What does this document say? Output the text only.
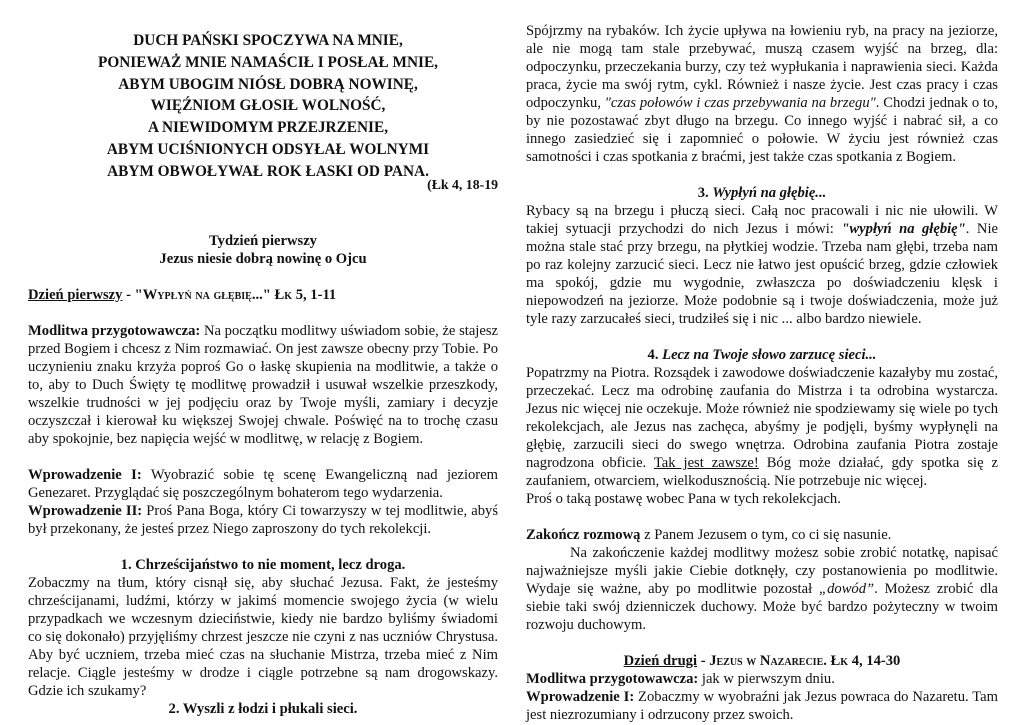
DUCH PAŃSKI SPOCZYWA NA MNIE,
PONIEWAŻ MNIE NAMAŚCIŁ I POSŁAŁ MNIE,
ABYM UBOGIM NIÓSŁ DOBRĄ NOWINĘ,
WIĘŹNIOM GŁOSIŁ WOLNOŚĆ,
A NIEWIDOMYM PRZEJRZENIE,
ABYM UCIŚNIONYCH ODSYŁAŁ WOLNYMI
ABYM OBWOŁYWAŁ ROK ŁASKI OD PANA.

(Łk 4, 18-19

Tydzień pierwszy

Jezus niesie dobrą nowinę o Ojcu

Dzień pierwszy - "Wypłyń na głębię..." Łk 5, 1-11

Modlitwa przygotowawcza: Na początku modlitwy uświadom sobie, że stajesz przed Bogiem i chcesz z Nim rozmawiać. On jest zawsze obecny przy Tobie. Po uczynieniu znaku krzyża poproś Go o łaskę skupienia na modlitwie, a także o to, aby to Duch Święty tę modlitwę prowadził i usuwał wszelkie przeszkody, wszelkie trudności w jej podjęciu oraz by Twoje myśli, zamiary i decyzje oczyszczał i kierował ku większej Swojej chwale. Poświęć na to trochę czasu aby spokojnie, bez napięcia wejść w modlitwę, w relację z Bogiem.

Wprowadzenie I: Wyobrazić sobie tę scenę Ewangeliczną nad jeziorem Genezaret. Przyglądać się poszczególnym bohaterom tego wydarzenia.

Wprowadzenie II: Proś Pana Boga, który Ci towarzyszy w tej modlitwie, abyś był przekonany, że jesteś przez Niego zaproszony do tych rekolekcji.

1. Chrześcijaństwo to nie moment, lecz droga.

Zobaczmy na tłum, który cisnął się, aby słuchać Jezusa. Fakt, że jesteśmy chrześcijanami, ludźmi, którzy w jakimś momencie swojego życia (w wielu przypadkach we wczesnym dzieciństwie, kiedy nie bardzo byliśmy świadomi co się dokonało) przyjęliśmy chrzest jeszcze nie czyni z nas uczniów Chrystusa. Aby być uczniem, trzeba mieć czas na słuchanie Mistrza, trzeba mieć z Nim relacje. Ciągle jesteśmy w drodze i ciągle potrzebne są nam drogowskazy. Gdzie ich szukamy?

2. Wyszli z łodzi i płukali sieci.

Spójrzmy na rybaków. Ich życie upływa na łowieniu ryb, na pracy na jeziorze, ale nie mogą tam stale przebywać, muszą czasem wyjść na brzeg, dla: odpoczynku, przeczekania burzy, czy też wypłukania i naprawienia sieci. Każda praca, życie ma swój rytm, cykl. Również i nasze życie. Jest czas pracy i czas odpoczynku, "czas połowów i czas przebywania na brzegu". Chodzi jednak o to, by nie pozostawać zbyt długo na brzegu. Co innego wyjść i nabrać sił, a co innego zasiedzieć się i zapomnieć o połowie. W życiu jest również czas samotności i czas spotkania z braćmi, jest także czas spotkania z Bogiem.

3. Wypłyń na głębię...

Rybacy są na brzegu i płuczą sieci. Całą noc pracowali i nic nie ułowili. W takiej sytuacji przychodzi do nich Jezus i mówi: "wypłyń na głębię". Nie można stale stać przy brzegu, na płytkiej wodzie. Trzeba nam głębi, trzeba nam po raz kolejny zarzucić sieci. Lecz nie łatwo jest opuścić brzeg, gdzie człowiek ma spokój, gdzie mu wygodnie, zwłaszcza po doświadczeniu klęsk i niepowodzeń na jeziorze. Może podobnie są i twoje doświadczenia, może już tyle razy zarzucałeś sieci, trudziłeś się i nic ... albo bardzo niewiele.

4. Lecz na Twoje słowo zarzucę sieci...

Popatrzmy na Piotra. Rozsądek i zawodowe doświadczenie kazałyby mu zostać, przeczekać. Lecz ma odrobinę zaufania do Mistrza i ta odrobina wystarcza. Jezus nic więcej nie oczekuje. Może również nie spodziewamy się wiele po tych rekolekcjach, ale Jezus nas zachęca, abyśmy je podjęli, byśmy wypłynęli na głębię, zarzucili sieci do swego wnętrza. Odrobina zaufania Piotra zostaje nagrodzona obficie. Tak jest zawsze! Bóg może działać, gdy spotka się z zaufaniem, otwarciem, wielkodusznością. Nie potrzebuje nic więcej.

Proś o taką postawę wobec Pana w tych rekolekcjach.

Zakończ rozmową z Panem Jezusem o tym, co ci się nasunie.

Na zakończenie każdej modlitwy możesz sobie zrobić notatkę, napisać najważniejsze myśli jakie Ciebie dotknęły, czy postanowienia po modlitwie. Wydaje się ważne, aby po modlitwie pozostał „dowód”. Możesz zrobić dla siebie taki swój dzienniczek duchowy. Może być bardzo pożyteczny w twoim rozwoju duchowym.

Dzień drugi - Jezus w Nazarecie. Łk 4, 14-30

Modlitwa przygotowawcza: jak w pierwszym dniu.

Wprowadzenie I: Zobaczmy w wyobraźni jak Jezus powraca do Nazaretu. Tam jest niezrozumiany i odrzucony przez swoich.
